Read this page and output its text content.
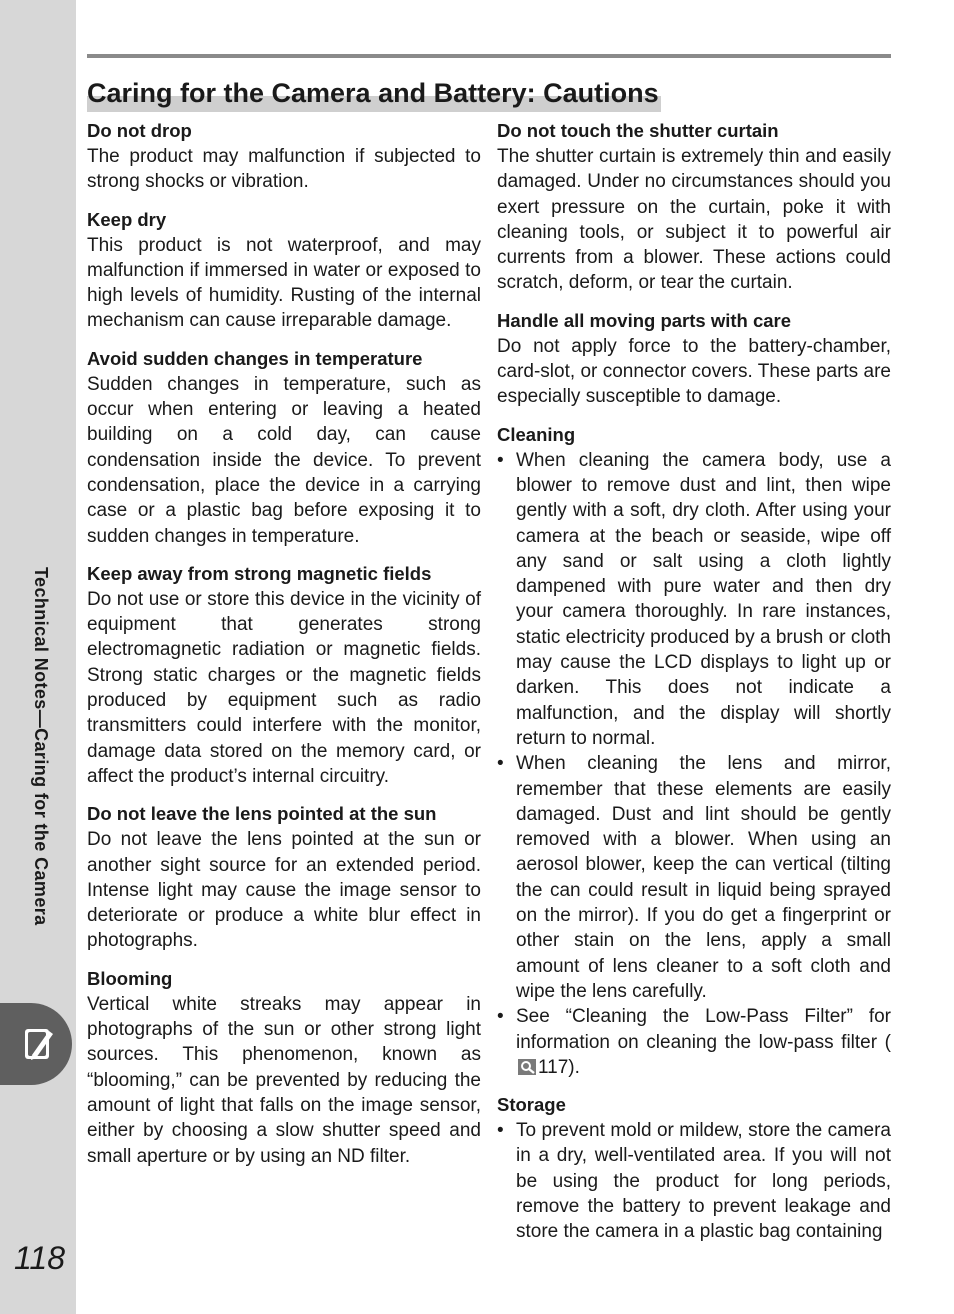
Technical Notes—Caring for the Camera
118
Caring for the Camera and Battery: Cautions
Do not drop

The product may malfunction if subjected to strong shocks or vibration.

Keep dry

This product is not waterproof, and may malfunction if immersed in water or exposed to high levels of humidity. Rusting of the internal mechanism can cause irreparable damage.

Avoid sudden changes in temperature

Sudden changes in temperature, such as occur when entering or leaving a heated building on a cold day, can cause condensation inside the device. To prevent condensation, place the device in a carrying case or a plastic bag before exposing it to sudden changes in temperature.

Keep away from strong magnetic fields

Do not use or store this device in the vicinity of equipment that generates strong electromagnetic radiation or magnetic fields. Strong static charges or the magnetic fields produced by equipment such as radio transmitters could interfere with the monitor, damage data stored on the memory card, or affect the product’s internal circuitry.

Do not leave the lens pointed at the sun

Do not leave the lens pointed at the sun or another sight source for an extended period. Intense light may cause the image sensor to deteriorate or produce a white blur effect in photographs.

Blooming

Vertical white streaks may appear in photographs of the sun or other strong light sources. This phenomenon, known as “blooming,” can be prevented by reducing the amount of light that falls on the image sensor, either by choosing a slow shutter speed and small aperture or by using an ND filter.

Do not touch the shutter curtain

The shutter curtain is extremely thin and easily damaged. Under no circumstances should you exert pressure on the curtain, poke it with cleaning tools, or subject it to powerful air currents from a blower. These actions could scratch, deform, or tear the curtain.

Handle all moving parts with care

Do not apply force to the battery-chamber, card-slot, or connector covers. These parts are especially susceptible to damage.

Cleaning

• When cleaning the camera body, use a blower to remove dust and lint, then wipe gently with a soft, dry cloth. After using your camera at the beach or seaside, wipe off any sand or salt using a cloth lightly dampened with pure water and then dry your camera thoroughly. In rare instances, static electricity produced by a brush or cloth may cause the LCD displays to light up or darken. This does not indicate a malfunction, and the display will shortly return to normal.

• When cleaning the lens and mirror, remember that these elements are easily damaged. Dust and lint should be gently removed with a blower. When using an aerosol blower, keep the can vertical (tilting the can could result in liquid being sprayed on the mirror). If you do get a fingerprint or other stain on the lens, apply a small amount of lens cleaner to a soft cloth and wipe the lens carefully.

• See “Cleaning the Low-Pass Filter” for information on cleaning the low-pass filter (117).

Storage

• To prevent mold or mildew, store the camera in a dry, well-ventilated area. If you will not be using the product for long periods, remove the battery to prevent leakage and store the camera in a plastic bag containing
